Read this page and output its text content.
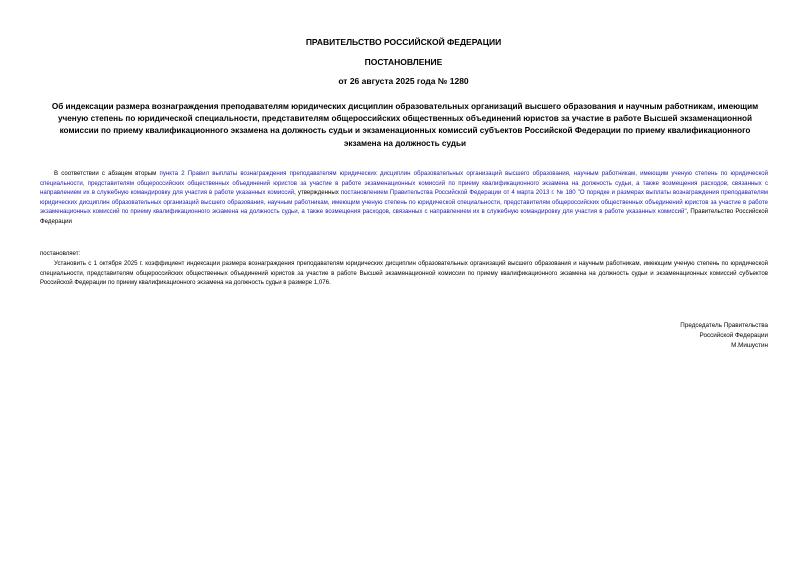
ПРАВИТЕЛЬСТВО РОССИЙСКОЙ ФЕДЕРАЦИИ
ПОСТАНОВЛЕНИЕ
от 26 августа 2025 года № 1280
Об индексации размера вознаграждения преподавателям юридических дисциплин образовательных организаций высшего образования и научным работникам, имеющим ученую степень по юридической специальности, представителям общероссийских общественных объединений юристов за участие в работе Высшей экзаменационной комиссии по приему квалификационного экзамена на должность судьи и экзаменационных комиссий субъектов Российской Федерации по приему квалификационного экзамена на должность судьи
В соответствии с абзацем вторым пункта 2 Правил выплаты вознаграждения преподавателям юридических дисциплин образовательных организаций высшего образования, научным работникам, имеющим ученую степень по юридической специальности, представителям общероссийских общественных объединений юристов за участие в работе экзаменационных комиссий по приему квалификационного экзамена на должность судьи, а также возмещения расходов, связанных с направлением их в служебную командировку для участия в работе указанных комиссий, утвержденных постановлением Правительства Российской Федерации от 4 марта 2013 г. № 180 "О порядке и размерах выплаты вознаграждения преподавателям юридических дисциплин образовательных организаций высшего образования, научным работникам, имеющим ученую степень по юридической специальности, представителям общероссийских общественных объединений юристов за участие в работе экзаменационных комиссий по приему квалификационного экзамена на должность судьи, а также возмещения расходов, связанных с направлением их в служебную командировку для участия в работе указанных комиссий", Правительство Российской Федерации
постановляет:
Установить с 1 октября 2025 г. коэффициент индексации размера вознаграждения преподавателям юридических дисциплин образовательных организаций высшего образования и научным работникам, имеющим ученую степень по юридической специальности, представителям общероссийских общественных объединений юристов за участие в работе Высшей экзаменационной комиссии по приему квалификационного экзамена на должность судьи и экзаменационных комиссий субъектов Российской Федерации по приему квалификационного экзамена на должность судьи в размере 1,076.
Председатель Правительства
Российской Федерации
М.Мишустин
